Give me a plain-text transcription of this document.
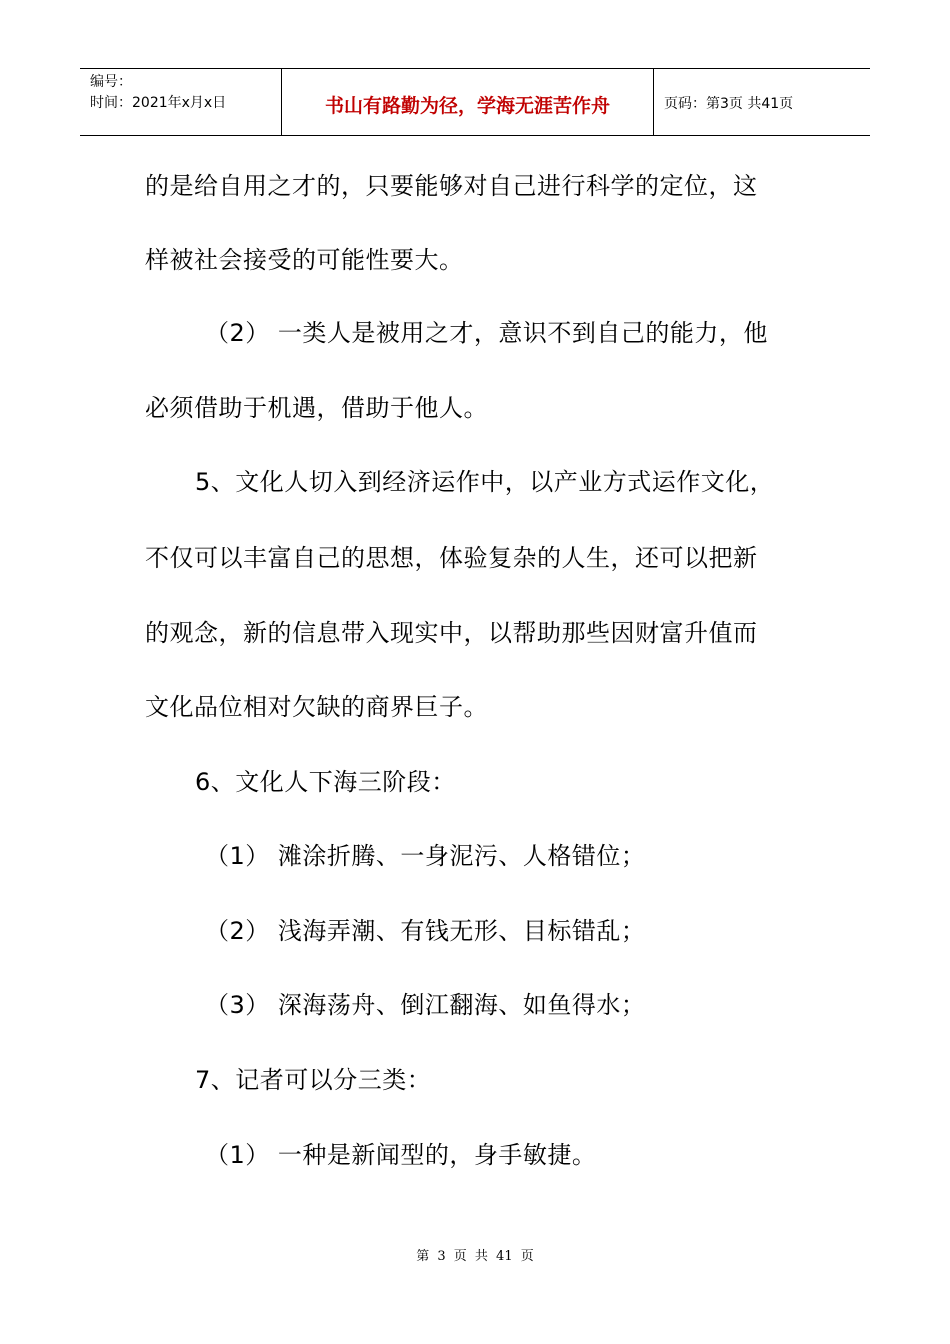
编号：
时间：2021年x月x日	书山有路勤为径，学海无涯苦作舟	页码：第3页 共41页
的是给自用之才的，只要能够对自己进行科学的定位，这
样被社会接受的可能性要大。
（2） 一类人是被用之才，意识不到自己的能力，他
必须借助于机遇，借助于他人。
5、文化人切入到经济运作中，以产业方式运作文化，
不仅可以丰富自己的思想，体验复杂的人生，还可以把新
的观念，新的信息带入现实中，以帮助那些因财富升值而
文化品位相对欠缺的商界巨子。
6、文化人下海三阶段：
（1） 滩涂折腾、一身泥污、人格错位；
（2） 浅海弄潮、有钱无形、目标错乱；
（3） 深海荡舟、倒江翻海、如鱼得水；
7、记者可以分三类：
（1） 一种是新闻型的，身手敏捷。
第 3 页 共 41 页
